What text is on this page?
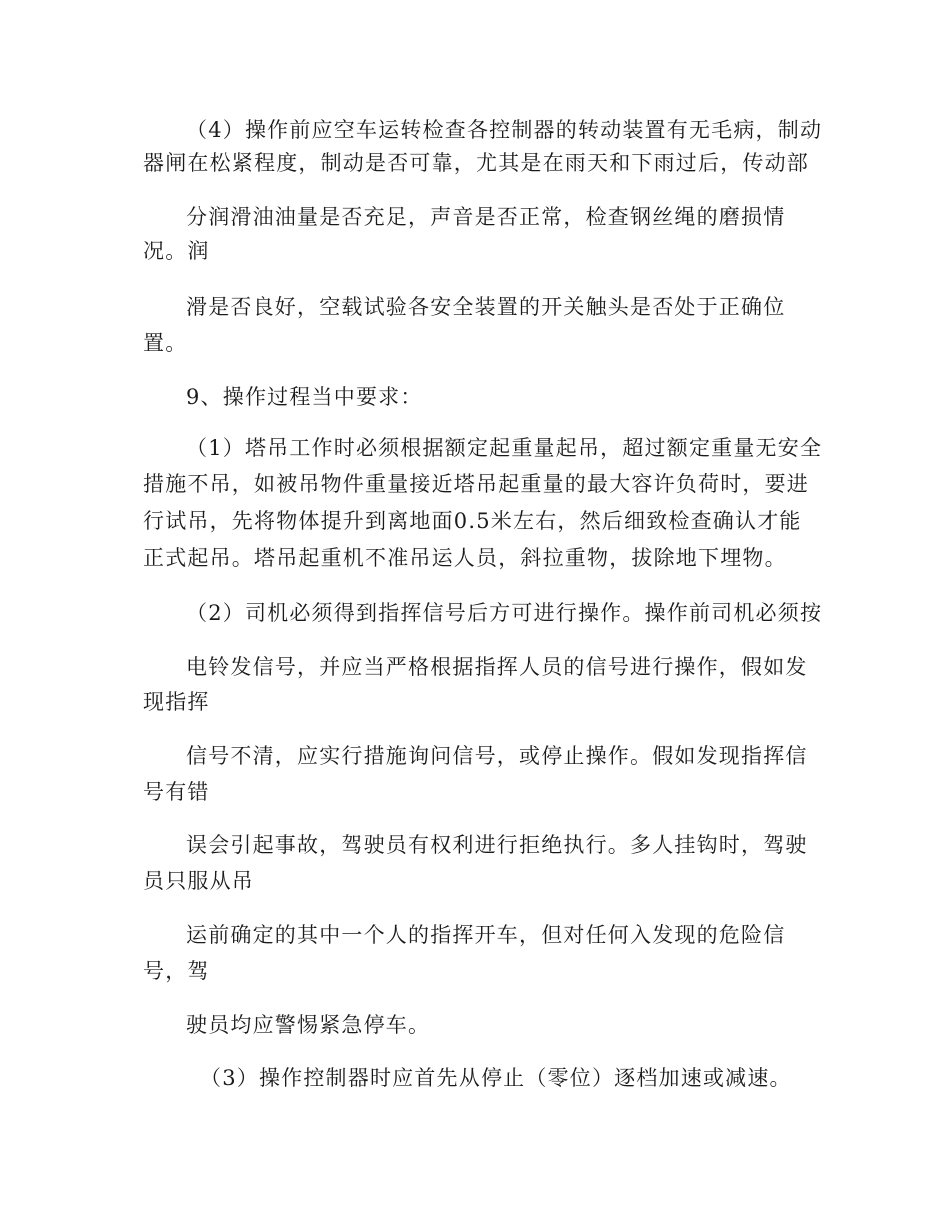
（4）操作前应空车运转检查各控制器的转动装置有无毛病，制动
器闸在松紧程度，制动是否可靠，尤其是在雨天和下雨过后，传动部
分润滑油油量是否充足，声音是否正常，检查钢丝绳的磨损情
况。润
滑是否良好，空载试验各安全装置的开关触头是否处于正确位
置。
9、操作过程当中要求：
（1）塔吊工作时必须根据额定起重量起吊，超过额定重量无安全
措施不吊，如被吊物件重量接近塔吊起重量的最大容许负荷时，要进
行试吊，先将物体提升到离地面0.5米左右，然后细致检查确认才能
正式起吊。塔吊起重机不准吊运人员，斜拉重物，拔除地下埋物。
（2）司机必须得到指挥信号后方可进行操作。操作前司机必须按
电铃发信号，并应当严格根据指挥人员的信号进行操作，假如发
现指挥
信号不清，应实行措施询问信号，或停止操作。假如发现指挥信
号有错
误会引起事故，驾驶员有权利进行拒绝执行。多人挂钩时，驾驶
员只服从吊
运前确定的其中一个人的指挥开车，但对任何入发现的危险信
号，驾
驶员均应警惕紧急停车。
（3）操作控制器时应首先从停止（零位）逐档加速或减速。
